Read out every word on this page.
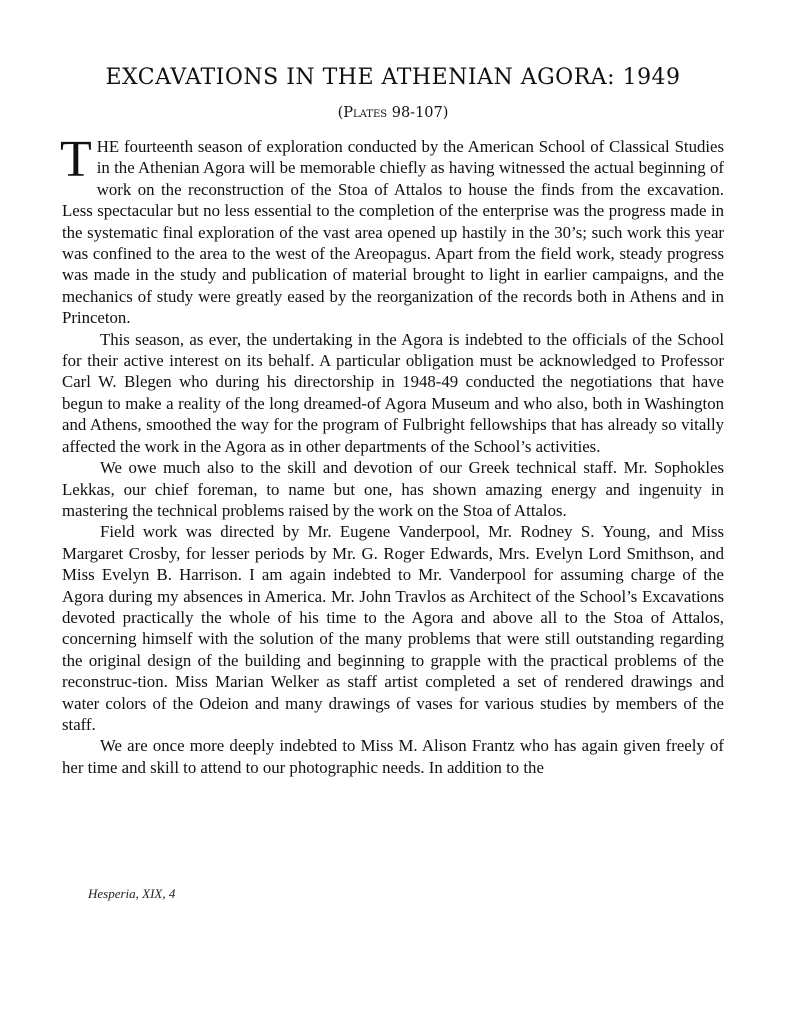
EXCAVATIONS IN THE ATHENIAN AGORA: 1949
(Plates 98-107)

THE fourteenth season of exploration conducted by the American School of Classical Studies in the Athenian Agora will be memorable chiefly as having witnessed the actual beginning of work on the reconstruction of the Stoa of Attalos to house the finds from the excavation. Less spectacular but no less essential to the completion of the enterprise was the progress made in the systematic final exploration of the vast area opened up hastily in the 30’s; such work this year was confined to the area to the west of the Areopagus. Apart from the field work, steady progress was made in the study and publication of material brought to light in earlier campaigns, and the mechanics of study were greatly eased by the reorganization of the records both in Athens and in Princeton.

This season, as ever, the undertaking in the Agora is indebted to the officials of the School for their active interest on its behalf. A particular obligation must be acknowledged to Professor Carl W. Blegen who during his directorship in 1948-49 conducted the negotiations that have begun to make a reality of the long dreamed-of Agora Museum and who also, both in Washington and Athens, smoothed the way for the program of Fulbright fellowships that has already so vitally affected the work in the Agora as in other departments of the School’s activities.

We owe much also to the skill and devotion of our Greek technical staff. Mr. Sophokles Lekkas, our chief foreman, to name but one, has shown amazing energy and ingenuity in mastering the technical problems raised by the work on the Stoa of Attalos.

Field work was directed by Mr. Eugene Vanderpool, Mr. Rodney S. Young, and Miss Margaret Crosby, for lesser periods by Mr. G. Roger Edwards, Mrs. Evelyn Lord Smithson, and Miss Evelyn B. Harrison. I am again indebted to Mr. Vanderpool for assuming charge of the Agora during my absences in America. Mr. John Travlos as Architect of the School’s Excavations devoted practically the whole of his time to the Agora and above all to the Stoa of Attalos, concerning himself with the solution of the many problems that were still outstanding regarding the original design of the building and beginning to grapple with the practical problems of the reconstruc-tion. Miss Marian Welker as staff artist completed a set of rendered drawings and water colors of the Odeion and many drawings of vases for various studies by members of the staff.

We are once more deeply indebted to Miss M. Alison Frantz who has again given freely of her time and skill to attend to our photographic needs. In addition to the

Hesperia, XIX, 4
